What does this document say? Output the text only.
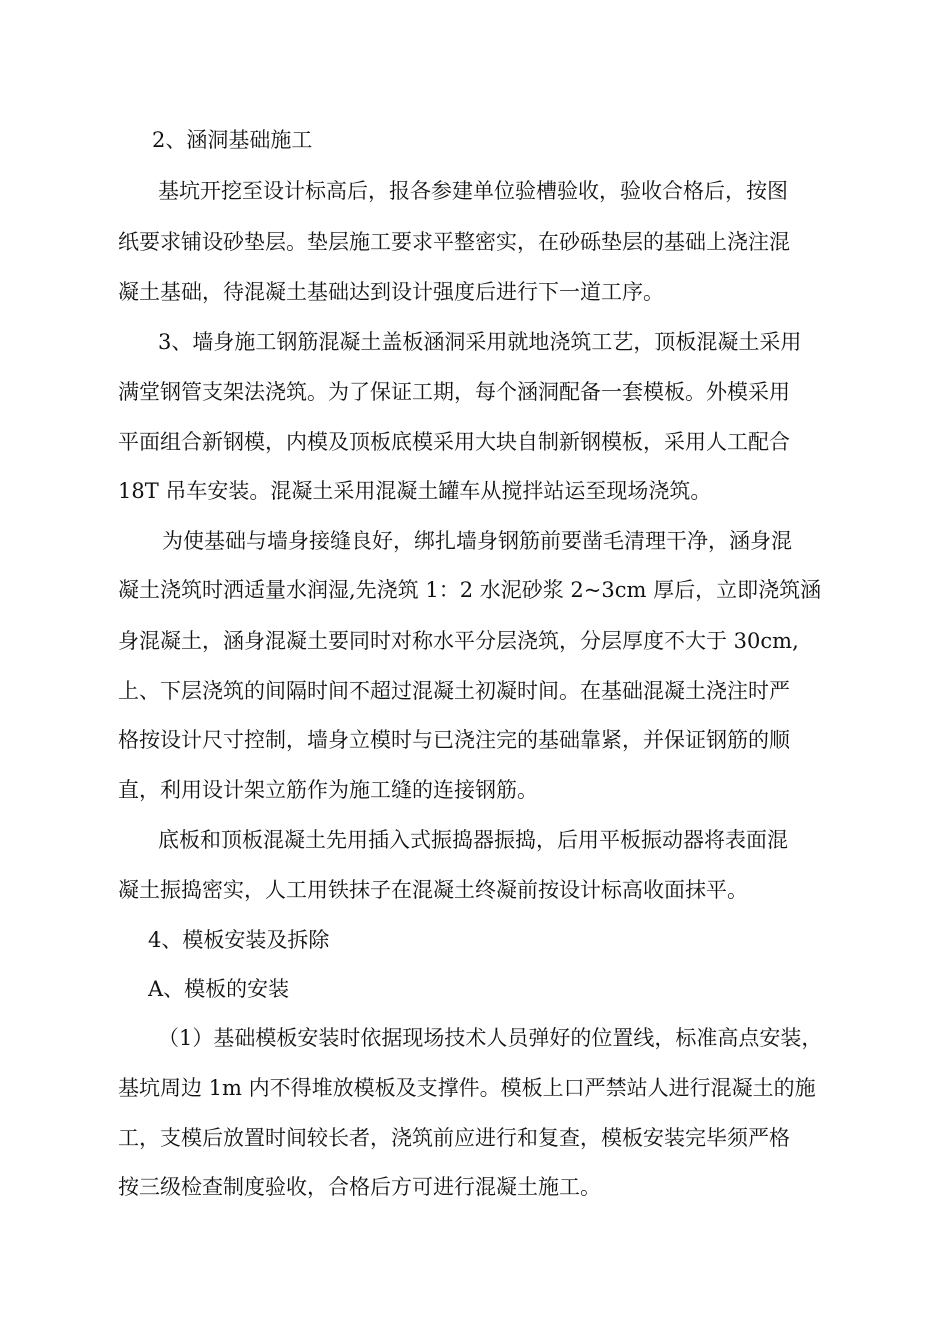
2、涵洞基础施工
基坑开挖至设计标高后，报各参建单位验槽验收，验收合格后，按图
纸要求铺设砂垫层。垫层施工要求平整密实，在砂砾垫层的基础上浇注混
凝土基础，待混凝土基础达到设计强度后进行下一道工序。
3、墙身施工钢筋混凝土盖板涵洞采用就地浇筑工艺，顶板混凝土采用
满堂钢管支架法浇筑。为了保证工期，每个涵洞配备一套模板。外模采用
平面组合新钢模，内模及顶板底模采用大块自制新钢模板，采用人工配合
18T 吊车安装。混凝土采用混凝土罐车从搅拌站运至现场浇筑。
为使基础与墙身接缝良好，绑扎墙身钢筋前要凿毛清理干净，涵身混
凝土浇筑时洒适量水润湿,先浇筑 1：2 水泥砂浆 2~3cm 厚后，立即浇筑涵
身混凝土，涵身混凝土要同时对称水平分层浇筑，分层厚度不大于 30cm,
上、下层浇筑的间隔时间不超过混凝土初凝时间。在基础混凝土浇注时严
格按设计尺寸控制，墙身立模时与已浇注完的基础靠紧，并保证钢筋的顺
直，利用设计架立筋作为施工缝的连接钢筋。
底板和顶板混凝土先用插入式振捣器振捣，后用平板振动器将表面混
凝土振捣密实，人工用铁抹子在混凝土终凝前按设计标高收面抹平。
4、模板安装及拆除
A、模板的安装
（1）基础模板安装时依据现场技术人员弹好的位置线，标准高点安装，
基坑周边 1m 内不得堆放模板及支撑件。模板上口严禁站人进行混凝土的施
工，支模后放置时间较长者，浇筑前应进行和复查，模板安装完毕须严格
按三级检查制度验收，合格后方可进行混凝土施工。
